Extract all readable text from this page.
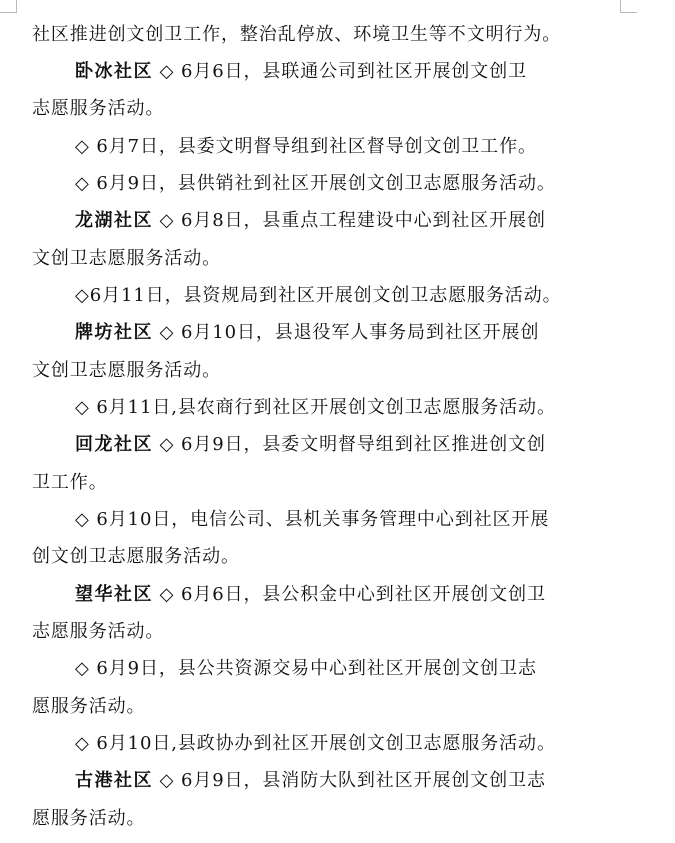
社区推进创文创卫工作，整治乱停放、环境卫生等不文明行为。
卧冰社区 ◇ 6月6日，县联通公司到社区开展创文创卫
志愿服务活动。
◇ 6月7日，县委文明督导组到社区督导创文创卫工作。
◇ 6月9日，县供销社到社区开展创文创卫志愿服务活动。
龙湖社区 ◇ 6月8日，县重点工程建设中心到社区开展创
文创卫志愿服务活动。
◇6月11日，县资规局到社区开展创文创卫志愿服务活动。
牌坊社区 ◇ 6月10日，县退役军人事务局到社区开展创
文创卫志愿服务活动。
◇ 6月11日,县农商行到社区开展创文创卫志愿服务活动。
回龙社区 ◇ 6月9日，县委文明督导组到社区推进创文创
卫工作。
◇ 6月10日，电信公司、县机关事务管理中心到社区开展
创文创卫志愿服务活动。
望华社区 ◇ 6月6日，县公积金中心到社区开展创文创卫
志愿服务活动。
◇ 6月9日，县公共资源交易中心到社区开展创文创卫志
愿服务活动。
◇ 6月10日,县政协办到社区开展创文创卫志愿服务活动。
古港社区 ◇ 6月9日，县消防大队到社区开展创文创卫志
愿服务活动。
